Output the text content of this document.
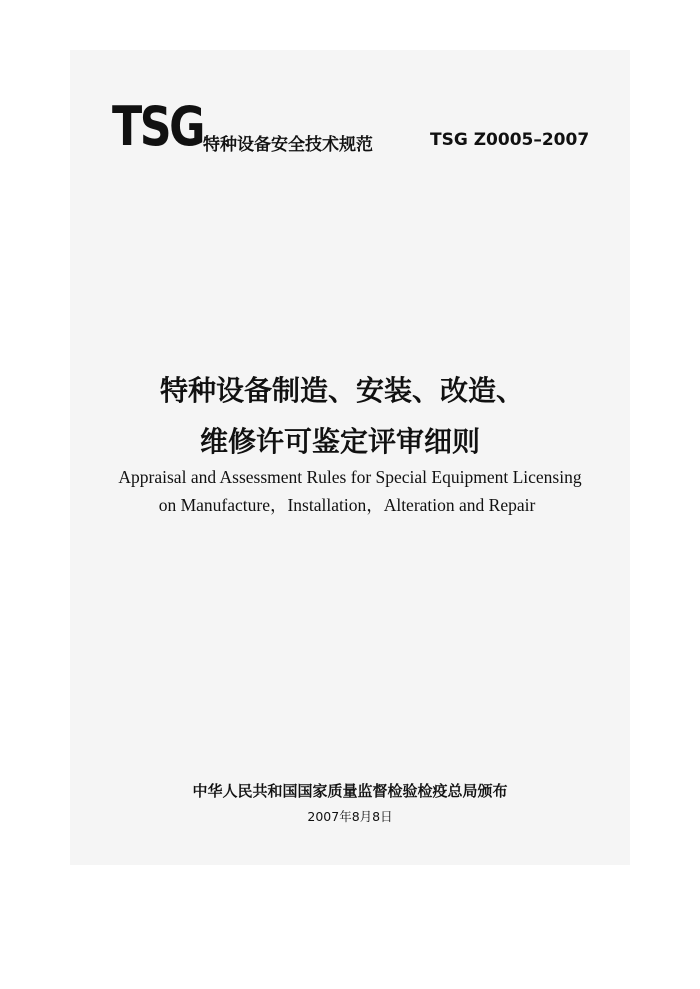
TSG 特种设备安全技术规范	TSG Z0005–2007
特种设备制造、安装、改造、
维修许可鉴定评审细则
Appraisal and Assessment Rules for Special Equipment Licensing
on Manufacture，Installation，Alteration and Repair
中华人民共和国国家质量监督检验检疫总局颁布
2007年8月8日
